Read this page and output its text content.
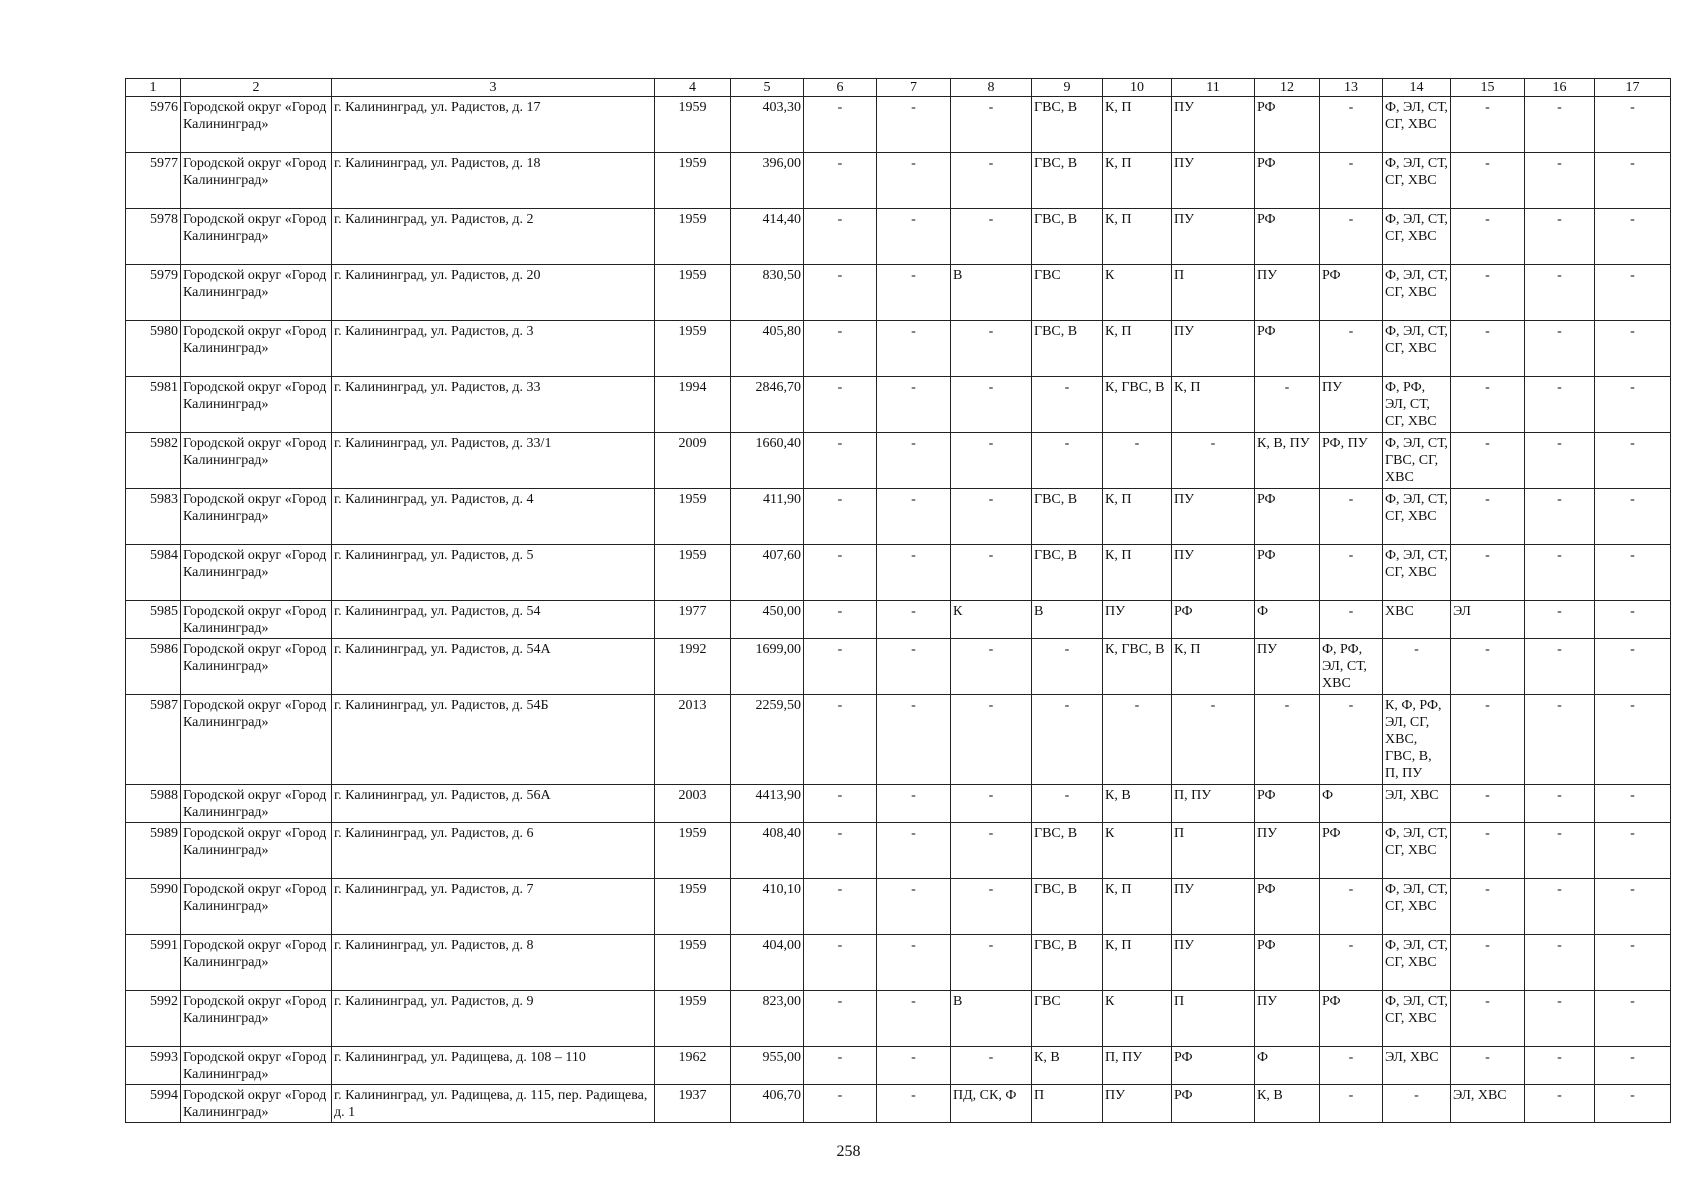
1	2	3	4	5	6	7	8	9	10	11	12	13	14	15	16	17
5976	Городской округ «Город Калининград»	г. Калининград, ул. Радистов, д. 17	1959	403,30	-	-	-	ГВС, В	К, П	ПУ	РФ	-	Ф, ЭЛ, СТ, СГ, ХВС	-	-	-
5977	Городской округ «Город Калининград»	г. Калининград, ул. Радистов, д. 18	1959	396,00	-	-	-	ГВС, В	К, П	ПУ	РФ	-	Ф, ЭЛ, СТ, СГ, ХВС	-	-	-
5978	Городской округ «Город Калининград»	г. Калининград, ул. Радистов, д. 2	1959	414,40	-	-	-	ГВС, В	К, П	ПУ	РФ	-	Ф, ЭЛ, СТ, СГ, ХВС	-	-	-
5979	Городской округ «Город Калининград»	г. Калининград, ул. Радистов, д. 20	1959	830,50	-	-	В	ГВС	К	П	ПУ	РФ	Ф, ЭЛ, СТ, СГ, ХВС	-	-	-
5980	Городской округ «Город Калининград»	г. Калининград, ул. Радистов, д. 3	1959	405,80	-	-	-	ГВС, В	К, П	ПУ	РФ	-	Ф, ЭЛ, СТ, СГ, ХВС	-	-	-
5981	Городской округ «Город Калининград»	г. Калининград, ул. Радистов, д. 33	1994	2846,70	-	-	-	-	К, ГВС, В	К, П	-	ПУ	Ф, РФ, ЭЛ, СТ, СГ, ХВС	-	-	-
5982	Городской округ «Город Калининград»	г. Калининград, ул. Радистов, д. 33/1	2009	1660,40	-	-	-	-	-	-	К, В, ПУ	РФ, ПУ	Ф, ЭЛ, СТ, ГВС, СГ, ХВС	-	-	-
5983	Городской округ «Город Калининград»	г. Калининград, ул. Радистов, д. 4	1959	411,90	-	-	-	ГВС, В	К, П	ПУ	РФ	-	Ф, ЭЛ, СТ, СГ, ХВС	-	-	-
5984	Городской округ «Город Калининград»	г. Калининград, ул. Радистов, д. 5	1959	407,60	-	-	-	ГВС, В	К, П	ПУ	РФ	-	Ф, ЭЛ, СТ, СГ, ХВС	-	-	-
5985	Городской округ «Город Калининград»	г. Калининград, ул. Радистов, д. 54	1977	450,00	-	-	К	В	ПУ	РФ	Ф	-	ХВС	ЭЛ	-	-
5986	Городской округ «Город Калининград»	г. Калининград, ул. Радистов, д. 54А	1992	1699,00	-	-	-	-	К, ГВС, В	К, П	ПУ	Ф, РФ, ЭЛ, СТ, ХВС	-	-	-	-
5987	Городской округ «Город Калининград»	г. Калининград, ул. Радистов, д. 54Б	2013	2259,50	-	-	-	-	-	-	-	-	К, Ф, РФ, ЭЛ, СГ, ХВС, ГВС, В, П, ПУ	-	-	-
5988	Городской округ «Город Калининград»	г. Калининград, ул. Радистов, д. 56А	2003	4413,90	-	-	-	-	К, В	П, ПУ	РФ	Ф	ЭЛ, ХВС	-	-	-
5989	Городской округ «Город Калининград»	г. Калининград, ул. Радистов, д. 6	1959	408,40	-	-	-	ГВС, В	К	П	ПУ	РФ	Ф, ЭЛ, СТ, СГ, ХВС	-	-	-
5990	Городской округ «Город Калининград»	г. Калининград, ул. Радистов, д. 7	1959	410,10	-	-	-	ГВС, В	К, П	ПУ	РФ	-	Ф, ЭЛ, СТ, СГ, ХВС	-	-	-
5991	Городской округ «Город Калининград»	г. Калининград, ул. Радистов, д. 8	1959	404,00	-	-	-	ГВС, В	К, П	ПУ	РФ	-	Ф, ЭЛ, СТ, СГ, ХВС	-	-	-
5992	Городской округ «Город Калининград»	г. Калининград, ул. Радистов, д. 9	1959	823,00	-	-	В	ГВС	К	П	ПУ	РФ	Ф, ЭЛ, СТ, СГ, ХВС	-	-	-
5993	Городской округ «Город Калининград»	г. Калининград, ул. Радищева, д. 108 – 110	1962	955,00	-	-	-	К, В	П, ПУ	РФ	Ф	-	ЭЛ, ХВС	-	-	-
5994	Городской округ «Город Калининград»	г. Калининград, ул. Радищева, д. 115, пер. Радищева, д. 1	1937	406,70	-	-	ПД, СК, Ф	П	ПУ	РФ	К, В	-	-	ЭЛ, ХВС	-	-
258
